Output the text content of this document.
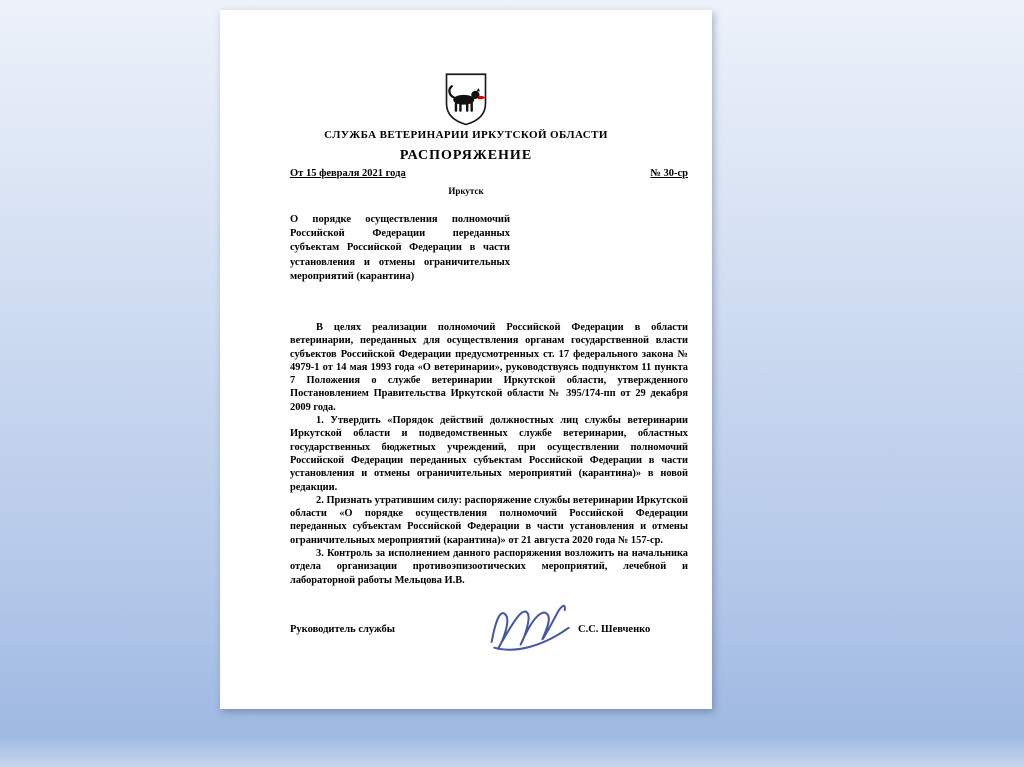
СЛУЖБА ВЕТЕРИНАРИИ ИРКУТСКОЙ ОБЛАСТИ
РАСПОРЯЖЕНИЕ
От 15 февраля 2021 года	№ 30-ср
Иркутск
О порядке осуществления полномочий Российской Федерации переданных субъектам Российской Федерации в части установления и отмены ограничительных мероприятий (карантина)

В целях реализации полномочий Российской Федерации в области ветеринарии, переданных для осуществления органам государственной власти субъектов Российской Федерации предусмотренных ст. 17 федерального закона № 4979-1 от 14 мая 1993 года «О ветеринарии», руководствуясь подпунктом 11 пункта 7 Положения о службе ветеринарии Иркутской области, утвержденного Постановлением Правительства Иркутской области № 395/174-пп от 29 декабря 2009 года.

1. Утвердить «Порядок действий должностных лиц службы ветеринарии Иркутской области и подведомственных службе ветеринарии, областных государственных бюджетных учреждений, при осуществлении полномочий Российской Федерации переданных субъектам Российской Федерации в части установления и отмены ограничительных мероприятий (карантина)» в новой редакции.

2. Признать утратившим силу: распоряжение службы ветеринарии Иркутской области «О порядке осуществления полномочий Российской Федерации переданных субъектам Российской Федерации в части установления и отмены ограничительных мероприятий (карантина)» от 21 августа 2020 года № 157-ср.

3. Контроль за исполнением данного распоряжения возложить на начальника отдела организации противоэпизоотических мероприятий, лечебной и лабораторной работы Мельцова И.В.

Руководитель службы	С.С. Шевченко
